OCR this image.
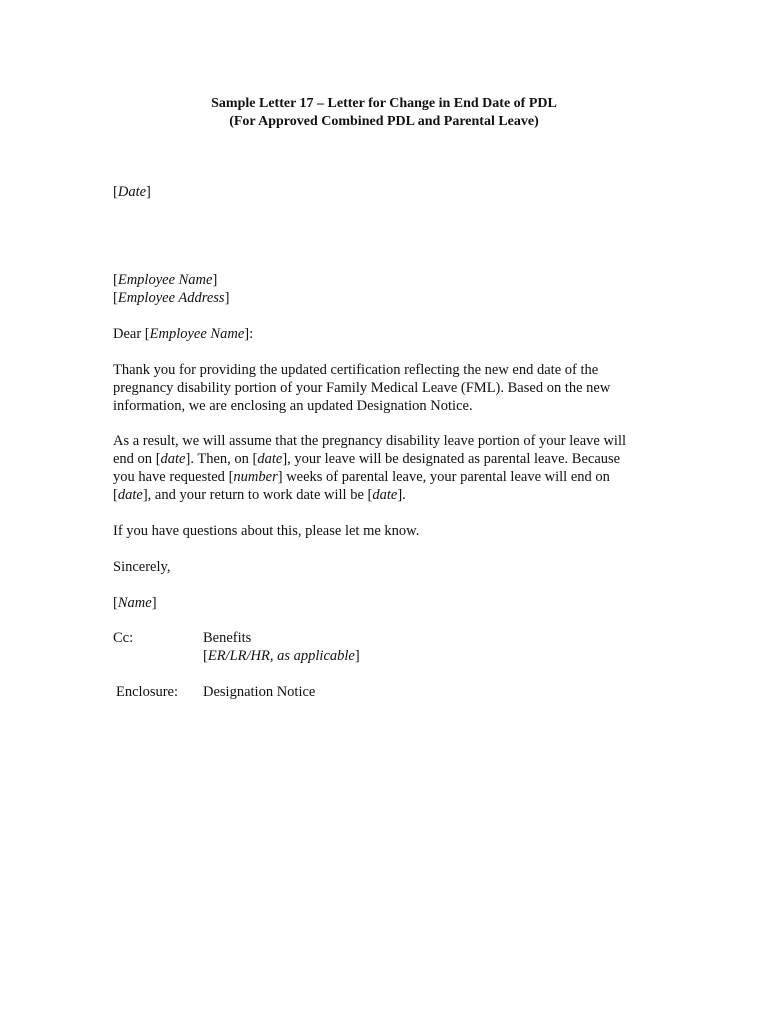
Sample Letter 17 – Letter for Change in End Date of PDL
(For Approved Combined PDL and Parental Leave)
[Date]
[Employee Name]
[Employee Address]
Dear [Employee Name]:
Thank you for providing the updated certification reflecting the new end date of the
pregnancy disability portion of your Family Medical Leave (FML). Based on the new
information, we are enclosing an updated Designation Notice.
As a result, we will assume that the pregnancy disability leave portion of your leave will
end on [date]. Then, on [date], your leave will be designated as parental leave. Because
you have requested [number] weeks of parental leave, your parental leave will end on
[date], and your return to work date will be [date].
If you have questions about this, please let me know.
Sincerely,
[Name]
Cc:	Benefits
[ER/LR/HR, as applicable]
Enclosure: Designation Notice
